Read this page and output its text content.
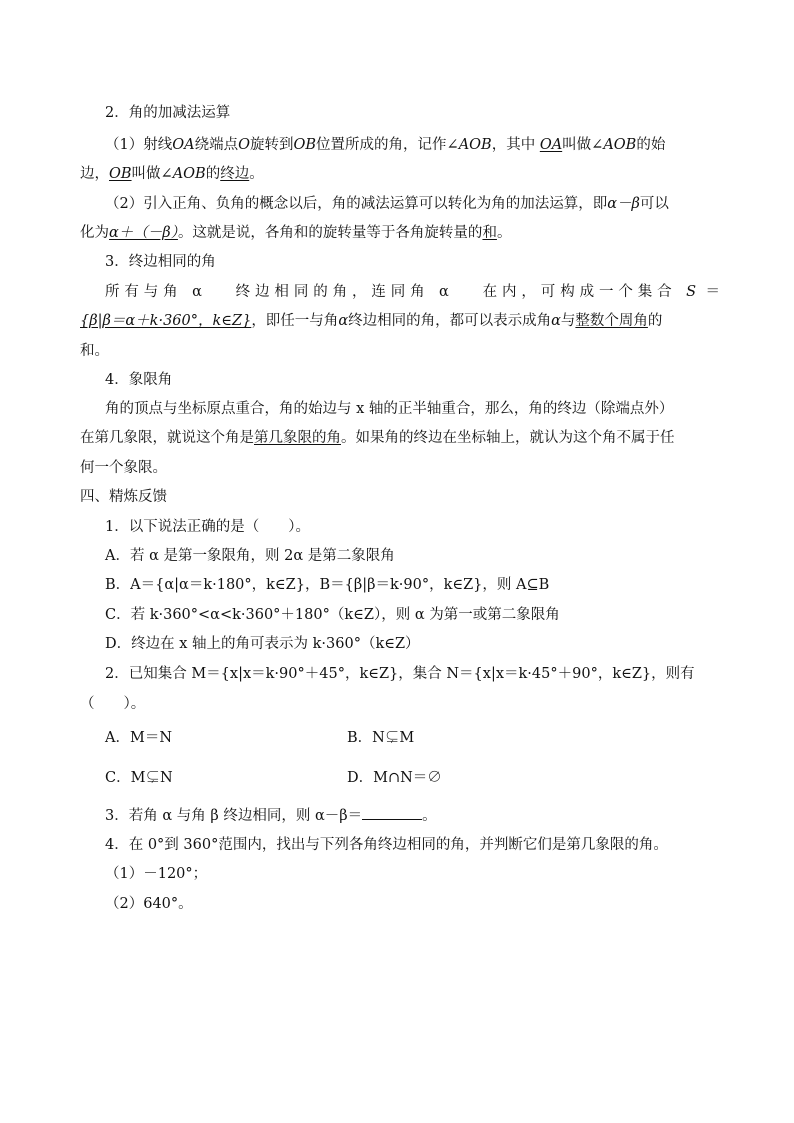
2．角的加减法运算
（1）射线OA绕端点O旋转到OB位置所成的角，记作∠AOB，其中 OA叫做∠AOB的始
边，OB叫做∠AOB的终边。
（2）引入正角、负角的概念以后，角的减法运算可以转化为角的加法运算，即α－β可以
化为α＋（－β）。这就是说，各角和的旋转量等于各角旋转量的和。
3．终边相同的角
所有与角 α　 终边相同的角，连同角 α　 在内，可构成一个集合 S ＝
{β|β＝α＋k·360°，k∈Z}，即任一与角α终边相同的角，都可以表示成角α与整数个周角的
和。
4．象限角
角的顶点与坐标原点重合，角的始边与 x 轴的正半轴重合，那么，角的终边（除端点外）
在第几象限，就说这个角是第几象限的角。如果角的终边在坐标轴上，就认为这个角不属于任
何一个象限。
四、精炼反馈
1．以下说法正确的是（　　）。
A．若 α 是第一象限角，则 2α 是第二象限角
B．A＝{α|α＝k·180°，k∈Z}，B＝{β|β＝k·90°，k∈Z}，则 A⊆B
C．若 k·360°<α<k·360°＋180°（k∈Z），则 α 为第一或第二象限角
D．终边在 x 轴上的角可表示为 k·360°（k∈Z）
2．已知集合 M＝{x|x＝k·90°＋45°，k∈Z}，集合 N＝{x|x＝k·45°＋90°，k∈Z}，则有
（　　）。
A．M＝N	B．N⊊M
C．M⊊N	D．M∩N＝∅
3．若角 α 与角 β 终边相同，则 α－β＝	。
4．在 0°到 360°范围内，找出与下列各角终边相同的角，并判断它们是第几象限的角。
（1）－120°；
（2）640°。
